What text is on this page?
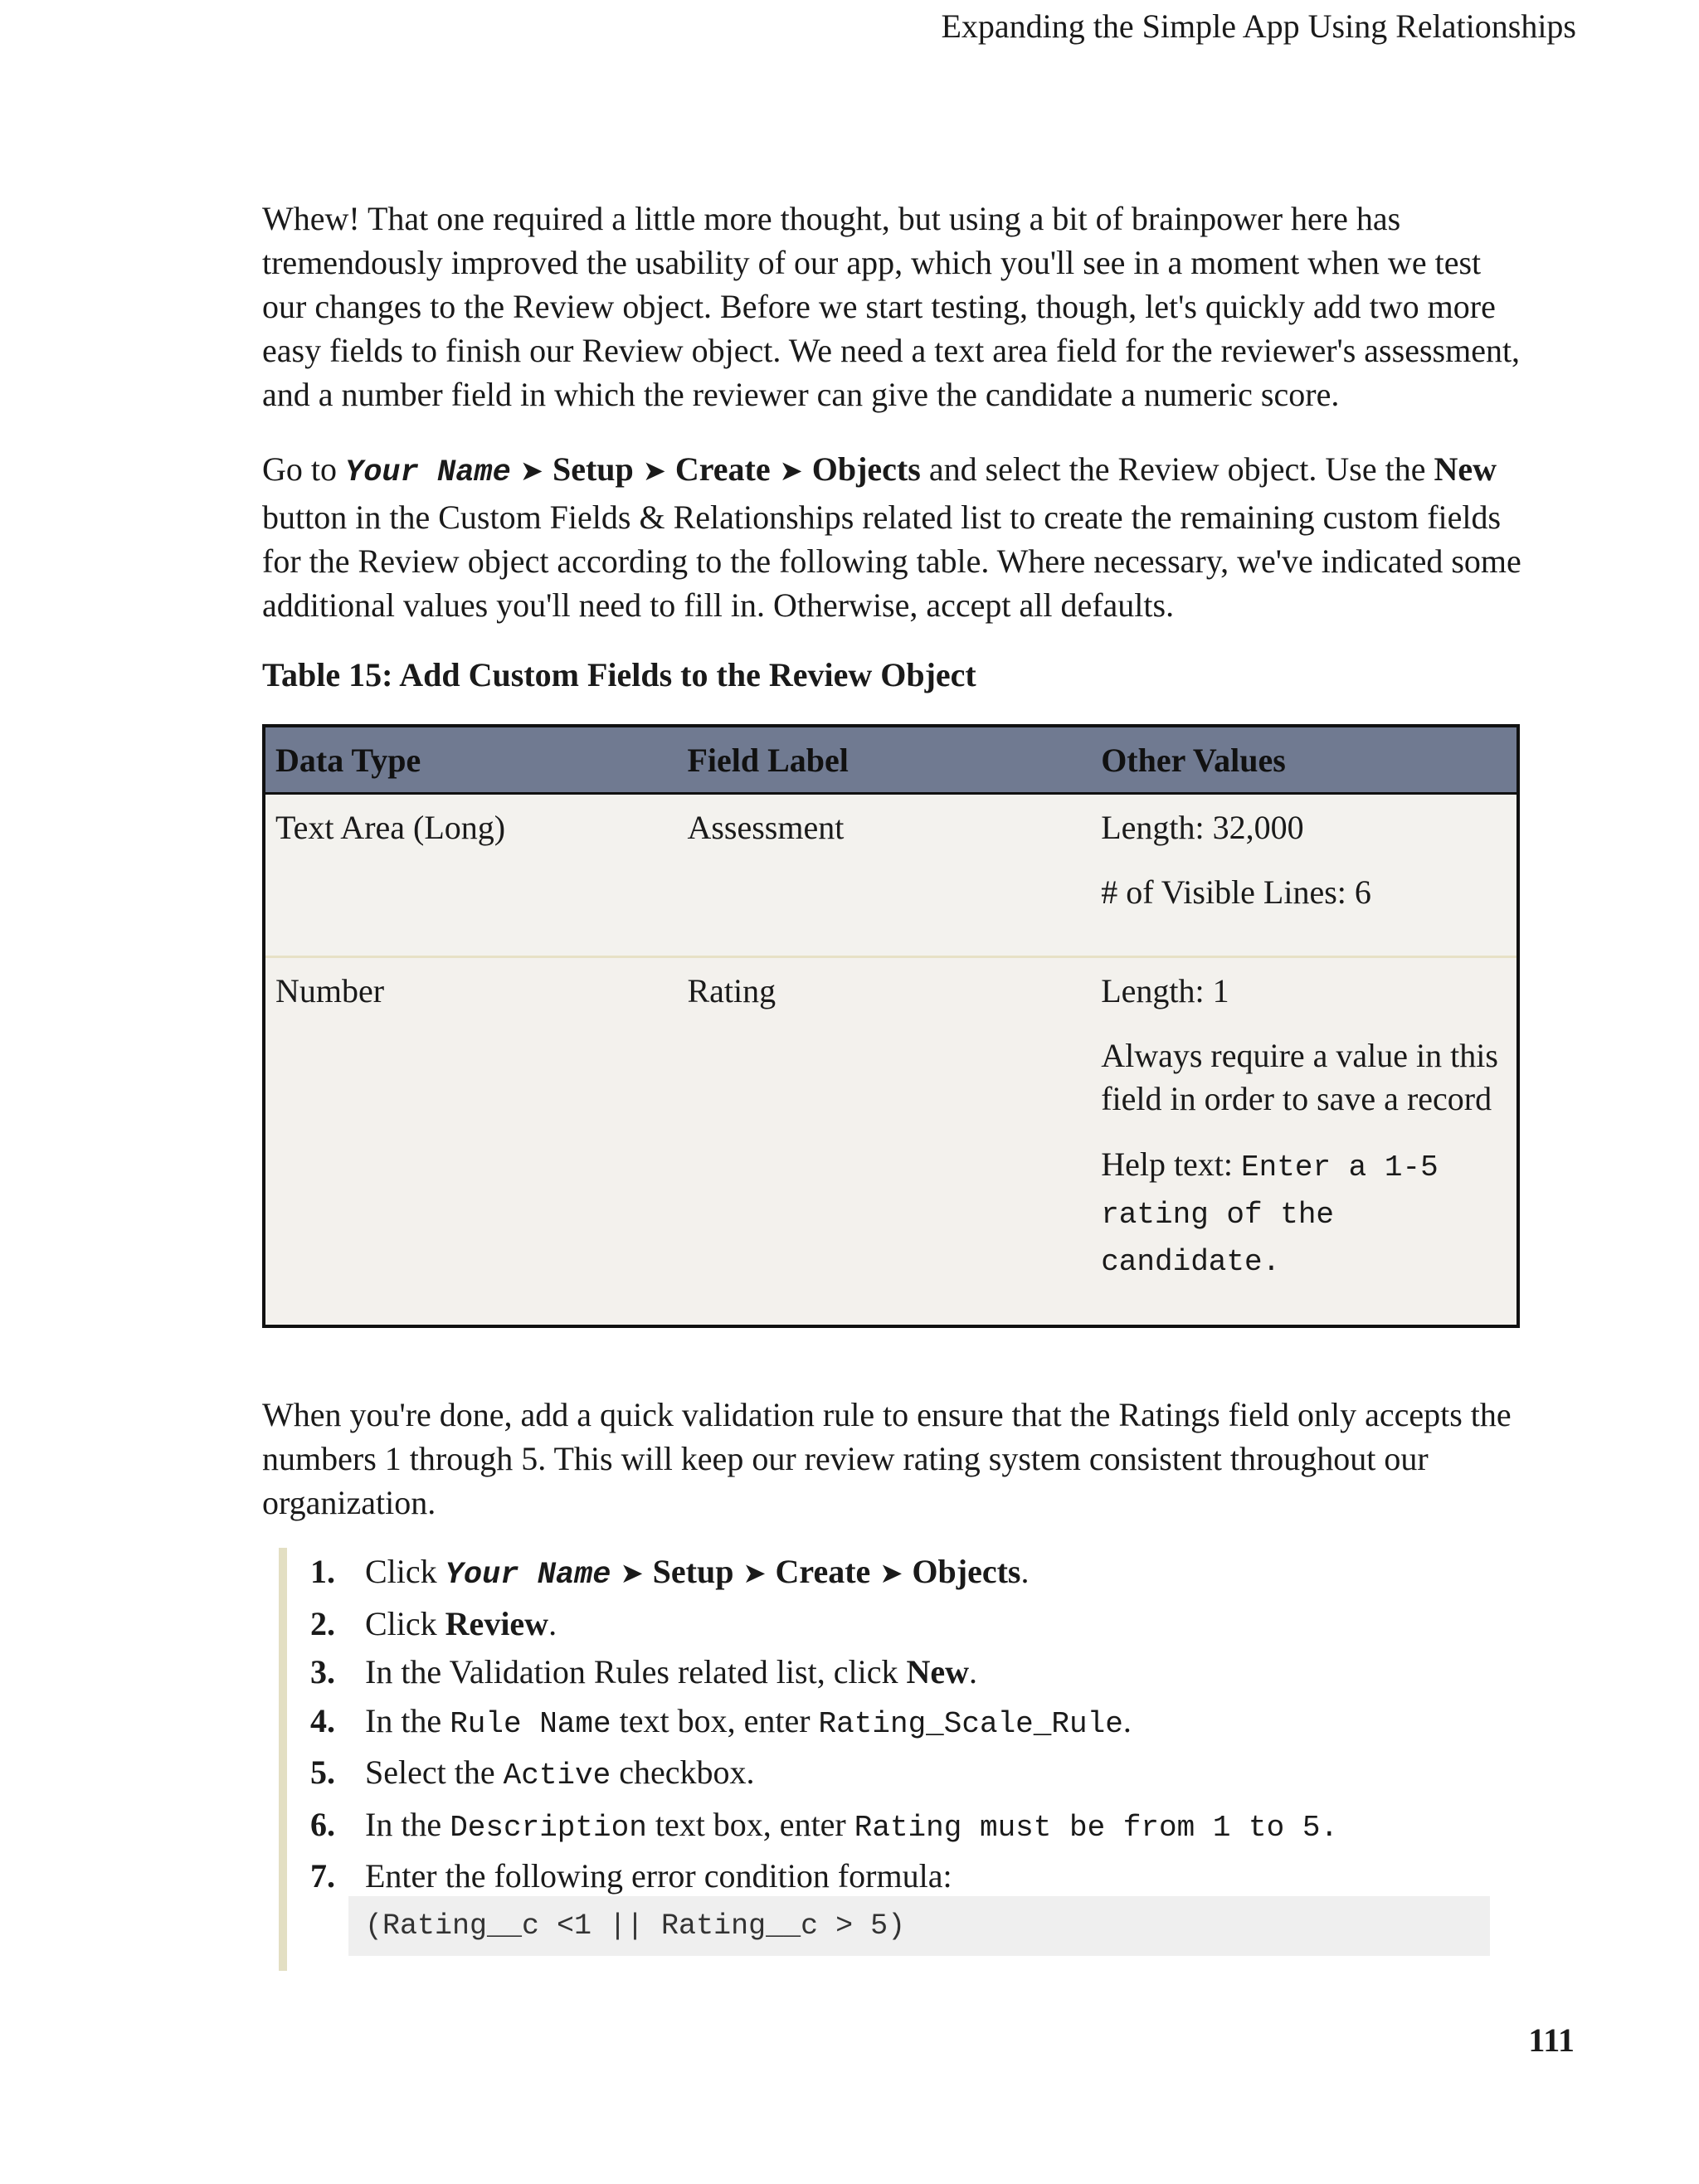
Expanding the Simple App Using Relationships

Whew! That one required a little more thought, but using a bit of brainpower here has tremendously improved the usability of our app, which you'll see in a moment when we test our changes to the Review object. Before we start testing, though, let's quickly add two more easy fields to finish our Review object. We need a text area field for the reviewer's assessment, and a number field in which the reviewer can give the candidate a numeric score.

Go to Your Name ➤ Setup ➤ Create ➤ Objects and select the Review object. Use the New button in the Custom Fields & Relationships related list to create the remaining custom fields for the Review object according to the following table. Where necessary, we've indicated some additional values you'll need to fill in. Otherwise, accept all defaults.

Table 15: Add Custom Fields to the Review Object

Data Type	Field Label	Other Values
Text Area (Long)	Assessment	Length: 32,000

# of Visible Lines: 6

Number	Rating	Length: 1

Always require a value in this field in order to save a record

Help text: Enter a 1-5 rating of the candidate.

When you're done, add a quick validation rule to ensure that the Ratings field only accepts the numbers 1 through 5. This will keep our review rating system consistent throughout our organization.

Click Your Name ➤ Setup ➤ Create ➤ Objects.
Click Review.
In the Validation Rules related list, click New.
In the Rule Name text box, enter Rating_Scale_Rule.
Select the Active checkbox.
In the Description text box, enter Rating must be from 1 to 5.
Enter the following error condition formula:
(Rating__c <1 || Rating__c > 5)
111
